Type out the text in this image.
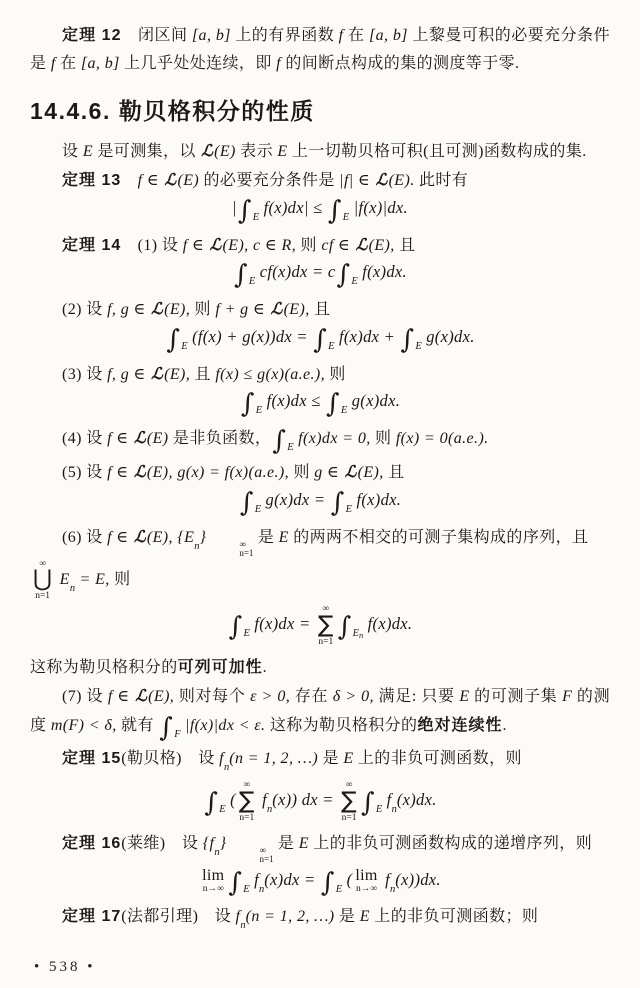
定理 12　闭区间 [a, b] 上的有界函数 f 在 [a, b] 上黎曼可积的必要充分条件是 f 在 [a, b] 上几乎处处连续，即 f 的间断点构成的集的测度等于零.
14.4.6. 勒贝格积分的性质
设 E 是可测集，以 ℒ(E) 表示 E 上一切勒贝格可积(且可测)函数构成的集.
定理 13　 f ∈ ℒ(E) 的必要充分条件是 |f| ∈ ℒ(E). 此时有
$|\int_E$ $f(x)dx| \le \int_E$ |f(x)|dx.
定理 14　(1) 设 f ∈ ℒ(E), c ∈ R, 则 cf ∈ ℒ(E), 且
$\int_E$ $cf(x)dx = c\int_E$ f(x)dx.
(2) 设 f, g ∈ ℒ(E), 则 f + g ∈ ℒ(E), 且
$\int_E$ $(f(x) + g(x))dx = \int_E$ $f(x)dx + \int_E$ g(x)dx.
(3) 设 f, g ∈ ℒ(E), 且 f(x) ≤ g(x)(a.e.), 则
$\int_E$ $f(x)dx \le \int_E$ g(x)dx.
(4) 设 f ∈ ℒ(E) 是非负函数，$\int_E$ f(x)dx = 0, 则 f(x) = 0(a.e.).
(5) 设 f ∈ ℒ(E), g(x) = f(x)(a.e.), 则 g ∈ ℒ(E), 且
$\int_E$ $g(x)dx = \int_E$ f(x)dx.
(6) 设 f ∈ ℒ(E), $\{E_n\}$	∞
n=1
是 E 的两两不相交的可测子集构成的序列，且
∞
⋃
n=1
$E_n = E$, 则
$\int_E$ f(x)dx =
∞
∑
n=1 $\int_{En}$ f(x)dx.
这称为勒贝格积分的可列可加性.
(7) 设 f ∈ ℒ(E), 则对每个 ε > 0, 存在 δ > 0, 满足: 只要 E 的可测子集 F 的测度 m(F) < δ, 就有 $\int_F$ |f(x)|dx < ε. 这称为勒贝格积分的绝对连续性.
定理 15(勒贝格)　设 $f_n(n = 1$, 2, …) 是 E 上的非负可测函数，则
$\int_E$ (
∞
∑
n=1
$f_n(x)$) dx =
∞
∑
n=1 $\int_E$ $f_n(x)dx$.
定理 16(莱维)　设 $\{f_n\}$	∞
n=1
是 E 上的非负可测函数构成的递增序列，则
lim
n→∞ $\int_E$ $f_n(x)dx = \int_E$ ( lim
n→∞ $f_n(x))dx$.
定理 17(法都引理)　设 $f_n(n = 1$, 2, …) 是 E 上的非负可测函数；则
• 538 •
